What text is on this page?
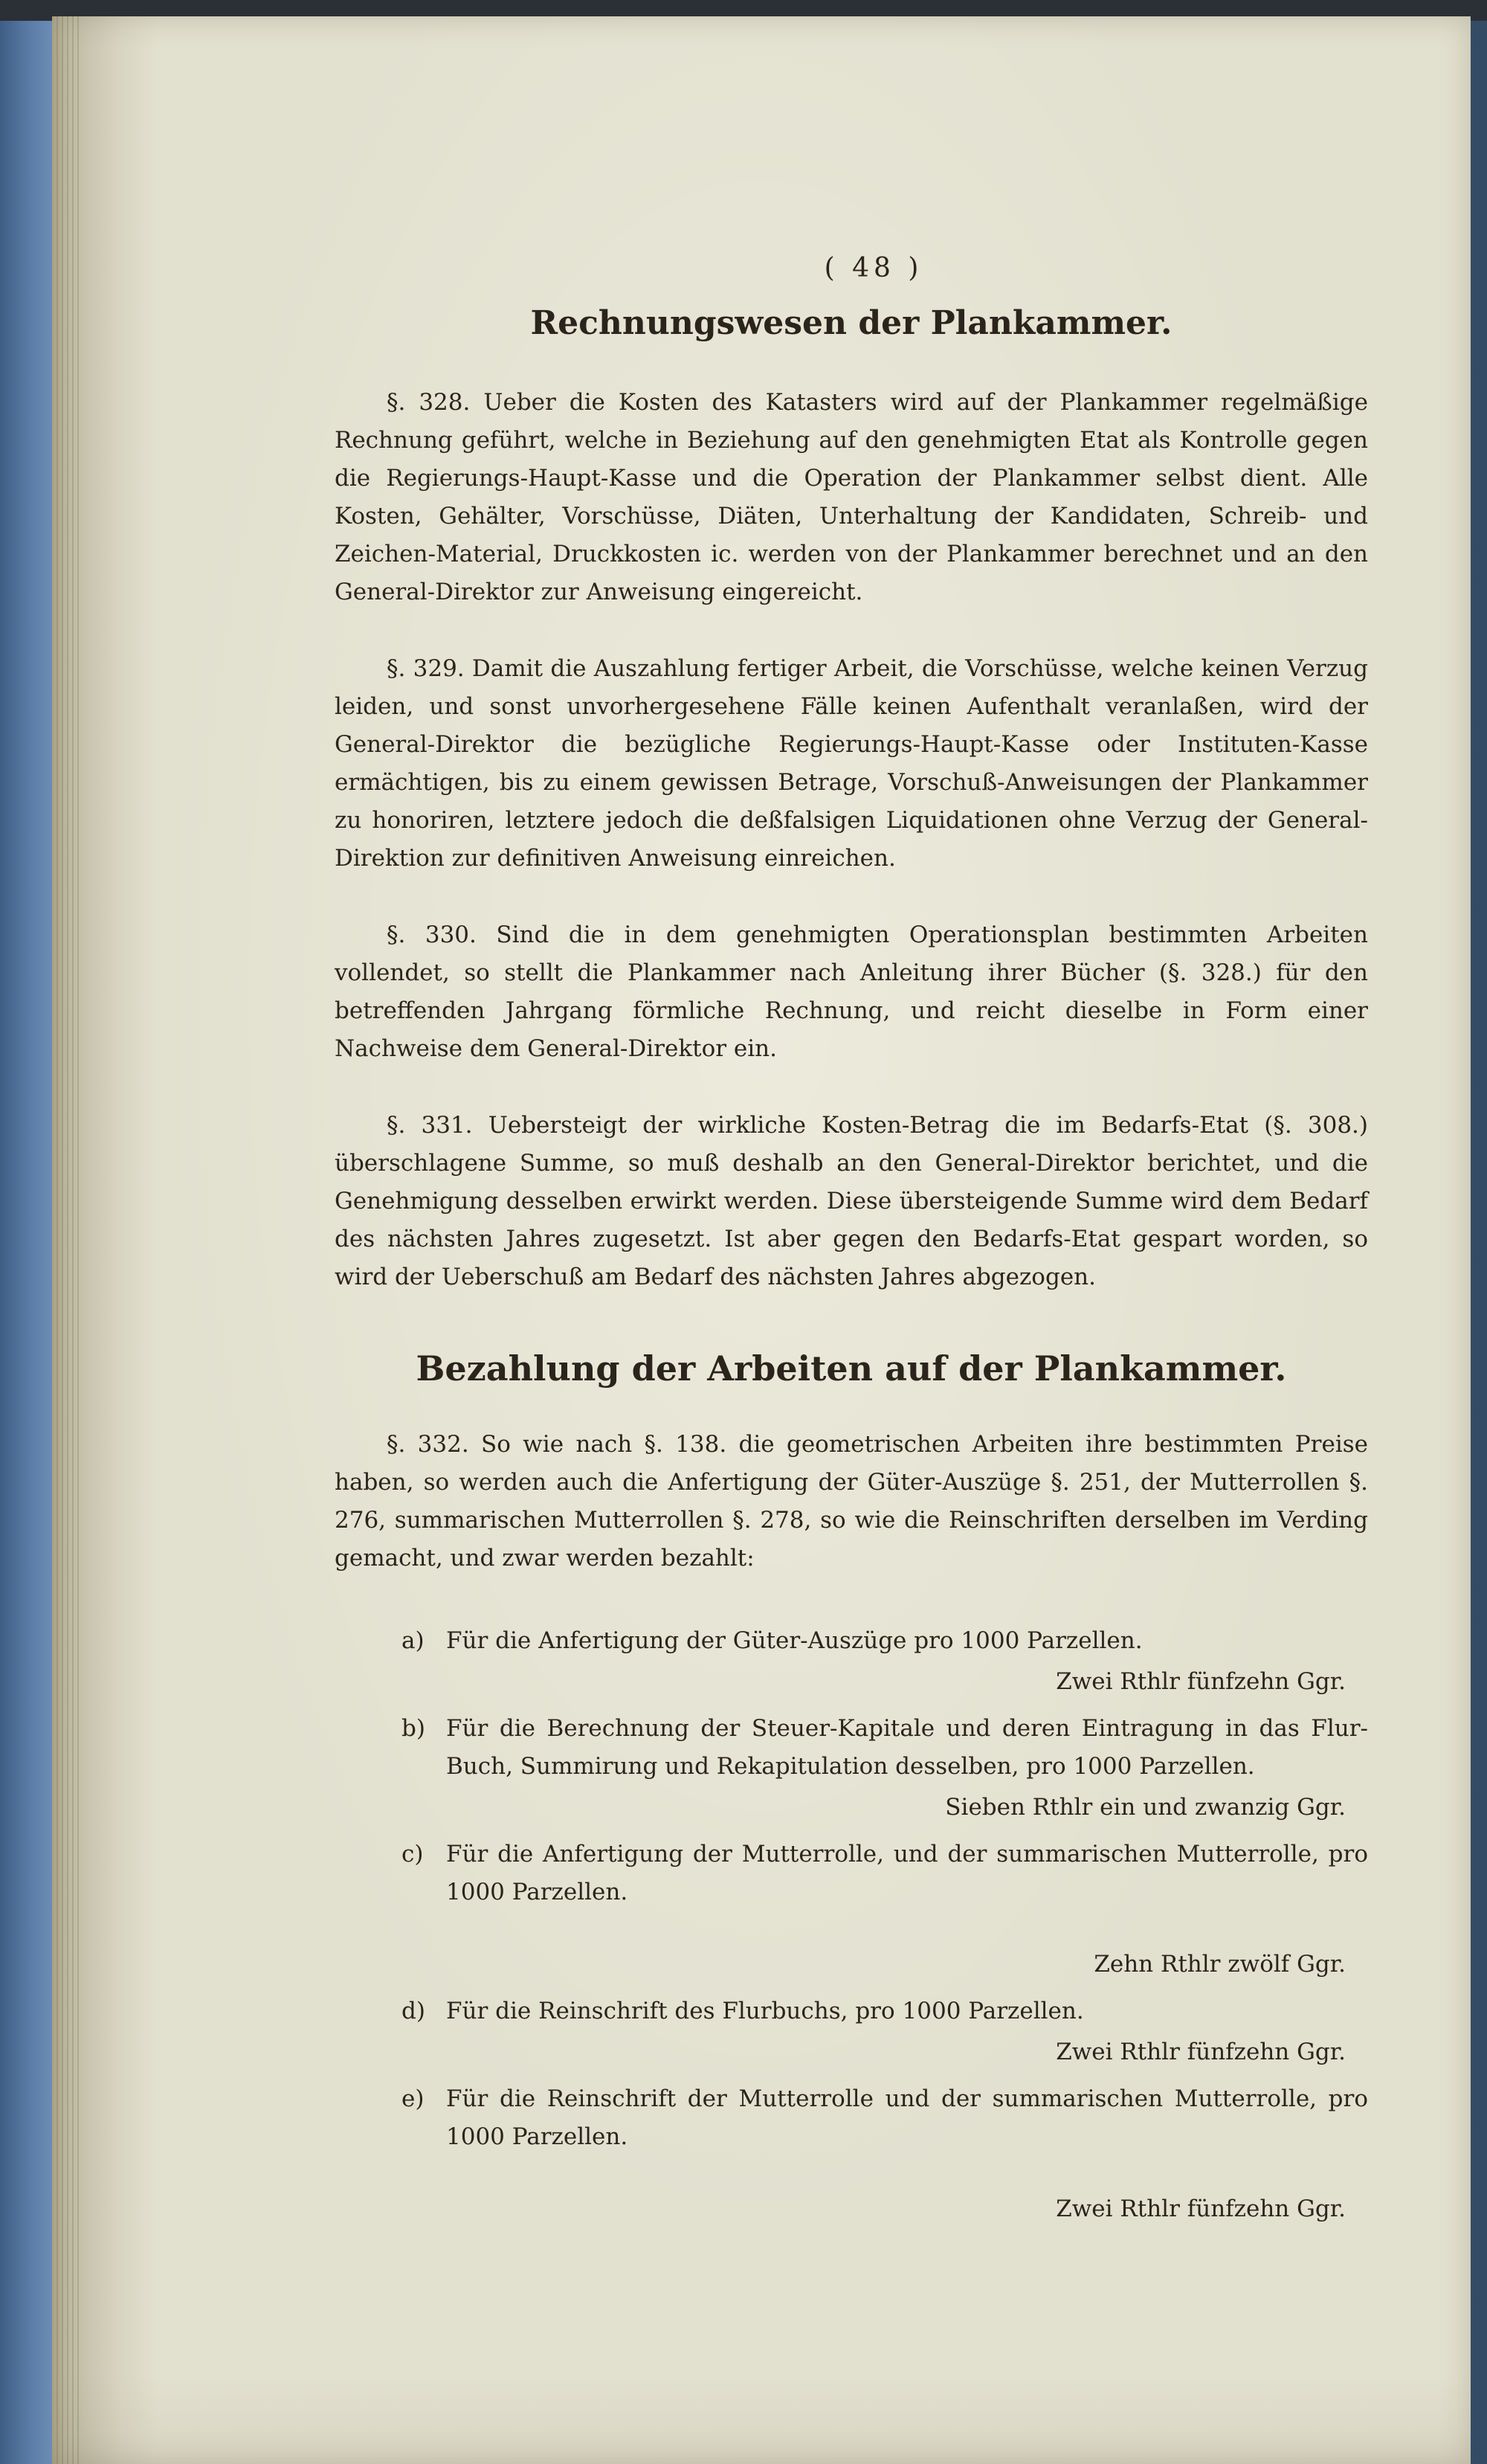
( 48 )
Rechnungswesen der Plankammer.

§. 328. Ueber die Kosten des Katasters wird auf der Plankammer regelmäßige Rechnung geführt, welche in Beziehung auf den genehmigten Etat als Kontrolle gegen die Regierungs-Haupt-Kasse und die Operation der Plankammer selbst dient. Alle Kosten, Gehälter, Vorschüsse, Diäten, Unterhaltung der Kandidaten, Schreib- und Zeichen-Material, Druckkosten ic. werden von der Plankammer berechnet und an den General-Direktor zur Anweisung eingereicht.

§. 329. Damit die Auszahlung fertiger Arbeit, die Vorschüsse, welche keinen Verzug leiden, und sonst unvorhergesehene Fälle keinen Aufenthalt veranlaßen, wird der General-Direktor die bezügliche Regierungs-Haupt-Kasse oder Instituten-Kasse ermächtigen, bis zu einem gewissen Betrage, Vorschuß-Anweisungen der Plankammer zu honoriren, letztere jedoch die deßfalsigen Liquidationen ohne Verzug der General-Direktion zur definitiven Anweisung einreichen.

§. 330. Sind die in dem genehmigten Operationsplan bestimmten Arbeiten vollendet, so stellt die Plankammer nach Anleitung ihrer Bücher (§. 328.) für den betreffenden Jahrgang förmliche Rechnung, und reicht dieselbe in Form einer Nachweise dem General-Direktor ein.

§. 331. Uebersteigt der wirkliche Kosten-Betrag die im Bedarfs-Etat (§. 308.) überschlagene Summe, so muß deshalb an den General-Direktor berichtet, und die Genehmigung desselben erwirkt werden. Diese übersteigende Summe wird dem Bedarf des nächsten Jahres zugesetzt. Ist aber gegen den Bedarfs-Etat gespart worden, so wird der Ueberschuß am Bedarf des nächsten Jahres abgezogen.

Bezahlung der Arbeiten auf der Plankammer.

§. 332. So wie nach §. 138. die geometrischen Arbeiten ihre bestimmten Preise haben, so werden auch die Anfertigung der Güter-Auszüge §. 251, der Mutterrollen §. 276, summarischen Mutterrollen §. 278, so wie die Reinschriften derselben im Verding gemacht, und zwar werden bezahlt:

a) Für die Anfertigung der Güter-Auszüge pro 1000 Parzellen.
Zwei Rthlr fünfzehn Ggr.
b) Für die Berechnung der Steuer-Kapitale und deren Eintragung in das Flur-Buch, Summirung und Rekapitulation desselben, pro 1000 Parzellen.
Sieben Rthlr ein und zwanzig Ggr.
c) Für die Anfertigung der Mutterrolle, und der summarischen Mutterrolle, pro 1000 Parzellen.
Zehn Rthlr zwölf Ggr.
d) Für die Reinschrift des Flurbuchs, pro 1000 Parzellen.
Zwei Rthlr fünfzehn Ggr.
e) Für die Reinschrift der Mutterrolle und der summarischen Mutterrolle, pro 1000 Parzellen.
Zwei Rthlr fünfzehn Ggr.
